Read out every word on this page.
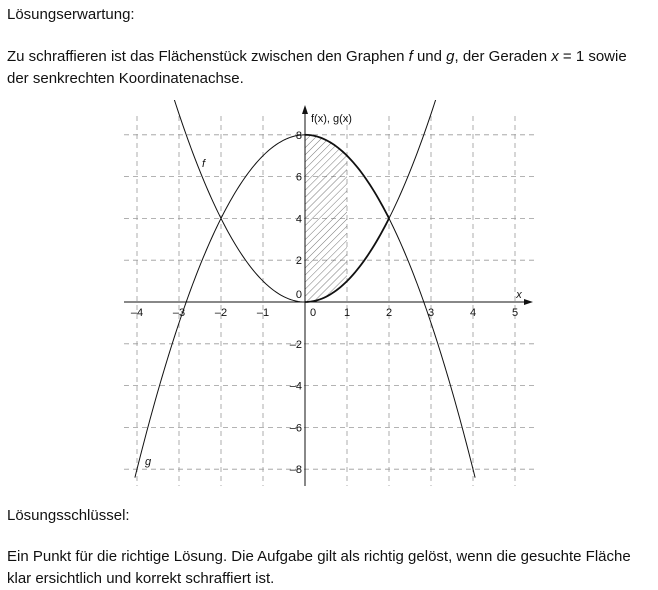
Lösungserwartung:

Zu schraffieren ist das Flächenstück zwischen den Graphen f und g, der Geraden x = 1 sowie der senkrechten Koordinatenachse.

–4	–3	–2	–1	0	1	2	3	4	5
8
6
4
2
0
–2
–4
–6
–8
x
f(x), g(x)
f
g

Lösungsschlüssel:

Ein Punkt für die richtige Lösung. Die Aufgabe gilt als richtig gelöst, wenn die gesuchte Fläche klar ersichtlich und korrekt schraffiert ist.
